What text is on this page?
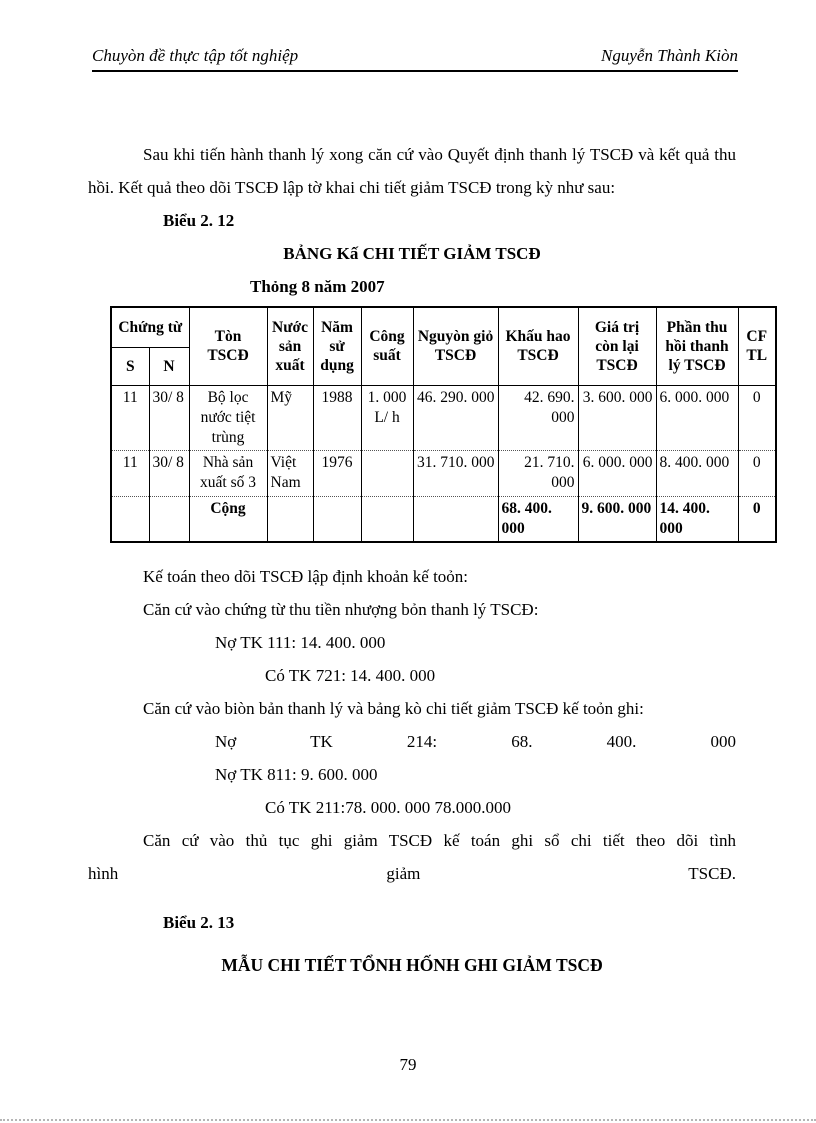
Chuyòn đề thực tập tốt nghiệp	Nguyễn Thành Kiòn

Sau khi tiến hành thanh lý xong căn cứ vào Quyết định thanh lý TSCĐ và kết quả thu hồi. Kết quả theo dõi TSCĐ lập tờ khai chi tiết giảm TSCĐ trong kỳ như sau:

Biểu 2. 12
BẢNG Kấ CHI TIẾT GIẢM TSCĐ
Thỏng 8 năm 2007
Chứng từ		Tòn TSCĐ	Nước sản xuất	Năm sử dụng	Công suất	Nguyòn giỏ TSCĐ	Khấu hao TSCĐ	Giá trị còn lại TSCĐ	Phần thu hồi thanh lý TSCĐ	CF TL
S	N									
11	30/ 8	Bộ lọc nước tiệt trùng	Mỹ	1988	1. 000 L/ h	46. 290. 000	42. 690. 000	3. 600. 000	6. 000. 000	0
11	30/ 8	Nhà sản xuất số 3	Việt Nam	1976		31. 710. 000	21. 710. 000	6. 000. 000	8. 400. 000	0
		Cộng					68. 400. 000	9. 600. 000	14. 400. 000	0
Kế toán theo dõi TSCĐ lập định khoản kế toỏn:
Căn cứ vào chứng từ thu tiền nhượng bỏn thanh lý TSCĐ:
Nợ TK 111: 14. 400. 000
Có TK 721: 14. 400. 000
Căn cứ vào biòn bản thanh lý và bảng kò chi tiết giảm TSCĐ kế toỏn ghi:
Nợ TK 214: 68. 400. 000
Nợ TK 811: 9. 600. 000
Có TK 211:78. 000. 000 78.000.000
Căn cứ vào thủ tục ghi giảm TSCĐ kế toán ghi sổ chi tiết theo dõi tình
hình giảm TSCĐ.
Biểu 2. 13
MẪU CHI TIẾT TỔNH HỐNH GHI GIẢM TSCĐ
79
